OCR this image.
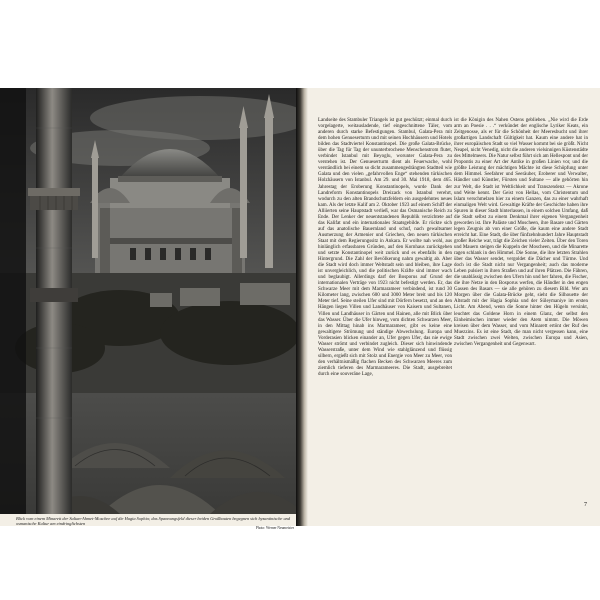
Blick vom einem Minarett der Sultan-Ahmet-Moschee auf die Hagia Sophia; das Spannungsfeld dieser beiden Großbauten begegnen sich byzantinische und osmanische Kultur am eindringlichsten
Photo: Werner Neumeister

Landseite des Stambuler Triangels ist gut geschützt; einmal durch vorgelagerte, weitausladende, tief eingeschnittene Täler, vom anderen durch starke Befestigungen. Stambul, Galata-Pera mit dem hohen Genueserturm und mit seinen Hochhäusern und Hotels bilden das Stadtviertel Konstantinopel. Die große Galata-Brücke, über die Tag für Tag der ununterbrochene Menschenstrom flutet, verbindet Istanbul mit Beyoglu, worunter Galata-Pera zu verstehen ist. Der Genueserturm dient als Feuerwache, wohl verständlich bei einem so dicht zusammengedrängten Stadtteil wie Galata und den vielen „gefahrvollen Enge“ stehenden türkischen Holzhäusern von Istanbul. Am 29. und 30. Mai 1918, dem 465. Jahrestag der Eroberung Konstantinopels, wurde Dank der Landreform Konstantinopels Dreizack von Istanbul verehrt, wodurch zu den alten Brandschutzfeldern ein ausgedehntes neues kam. Als der letzte Kalif am 2. Oktober 1923 auf einem Schiff der Alliierten seine Hauptstadt verließ, war das Osmanische Reich zu Ende. Der Lenker der neuentstandenen Republik verzichtete auf das Kalifat und ein internationales Staatsgebilde. Er rückte sich auf das anatolische Bauernland und schuf, nach gewaltsamer Ausmerzung der Armenier und Griechen, den neuen türkischen Staat mit dem Regierungssitz in Ankara. Er wollte nah wohl, aus hinlänglich erfassbaren Gründen, auf den Kornhaus zurückgehen und setzte Konstantinopel weit zurück und es ebenfalls in den Hintergrund. Die Zahl der Bevölkerung nahm gewaltig ab. Aber die Stadt wird doch immer Weltstadt sein und bleiben, ihre Lage ist unvergleichlich, und die politischen Kräfte sind immer wach und beglaubigt. Allerdings darf der Bosporus auf Grund der internationalen Verträge von 1923 nicht befestigt werden. Er, das Schwarze Meer mit dem Marmarameer verbindend, ist rund 30 Kilometer lang, zwischen 600 und 3000 Meter breit und bis 120 Meter tief. Seine steilen Ufer sind mit Dörfern besetzt, und an den Hängen liegen Villen und Landhäuser von Kaisern und Sultanen, Villen und Landhäuser in Gärten und Hainen, alle mit Blick über das Wasser. Über die Ufer hinweg, vom dichten Schwarzen Meer, in den Mittag hinab ins Marmarameer, gibt es keine eine gewaltigere Strömung und ständige Abwechslung. Europa und Vorderasien blicken einander an, Ufer gegen Ufer, das nie ewige Wasser strömt und verbindet zugleich. Dieser sich hinwindende Wasserstraße, unter dem Wind wie stahlglänzend und flüssig silbern, ergießt sich mit Stolz und Energie von Meer zu Meer, von den verhältnismäßig flachen Becken des Schwarzen Meeres zum ziemlich tieferen des Marmarameeres. Die Stadt, ausgebreitet durch eine souveräne Lage,

ist die Königin des Nahen Ostens geblieben. „Nie wird die Erde arm an Poesie . . .“ verkündet der englische Lyriker Keats, ein Zeitgenosse, als er für die Schönheit der Meeresbucht und ihrer großartigen Landschaft Gültigkeit hat. Kaum eine andere hat in ihrer europäischen Stadt so viel Wasser kommt bei sie größt. Nicht Neapel, nicht Venedig, nicht die anderen vielsinnigen Küstenstädte des Mittelmeers. Die Natur selbst führt sich am Hellespont und der Propontis zu einer Art der Antike in großen Linien vor, und die größte Leistung der mächtigen Mächte ist diese Schöpfung unter dem Himmel. Seefahrer und Seeräuber, Eroberer und Verwalter, Händler und Künstler, Fürsten und Sultane — alle gehörten hin zur Welt, die Stadt ist Weltlichkeit und Transzendenz — Akrone und Weite kennt. Der Geist von Hellas, vom Christentum und Islam verschmelzen hier zu einem Ganzen, das zu einer wahrhaft einmaligen Welt wird. Gewaltige Kräfte der Geschichte haben ihre Spuren in dieser Stadt hinterlassen, in einem solchen Umfang, daß die Stadt selbst zu einem Denkmal ihrer eigenen Vergangenheit geworden ist. Ihre Paläste und Moscheen, ihre Basare und Gärten legen Zeugnis ab von einer Größe, die kaum eine andere Stadt erreicht hat. Eine Stadt, die über fünfzehnhundert Jahre Hauptstadt großer Reiche war, trägt die Zeichen vieler Zeiten. Über den Toren und Mauern steigen die Kuppeln der Moscheen, und die Minarette ragen schlank in den Himmel. Die Sonne, die ihre letzten Strahlen über das Wasser sendet, vergoldet die Dächer und Türme. Und doch ist die Stadt nicht nur Vergangenheit; auch das moderne Leben pulsiert in ihren Straßen und auf ihren Plätzen. Die Fähren, die unablässig zwischen den Ufern hin und her fahren, die Fischer, die ihre Netze in den Bosporus werfen, die Händler in den engen Gassen des Basars — sie alle gehören zu diesem Bild. Wer am Morgen über die Galata-Brücke geht, sieht die Silhouette der Altstadt mit der Hagia Sophia und der Süleymaniye im ersten Licht. Am Abend, wenn die Sonne hinter den Hügeln versinkt, leuchtet das Goldene Horn in einem Glanz, der selbst den Einheimischen immer wieder den Atem nimmt. Die Möwen kreisen über dem Wasser, und vom Minarett ertönt der Ruf des Muezzins. Es ist eine Stadt, die man nicht vergessen kann, eine Stadt zwischen zwei Welten, zwischen Europa und Asien, zwischen Vergangenheit und Gegenwart.

7
